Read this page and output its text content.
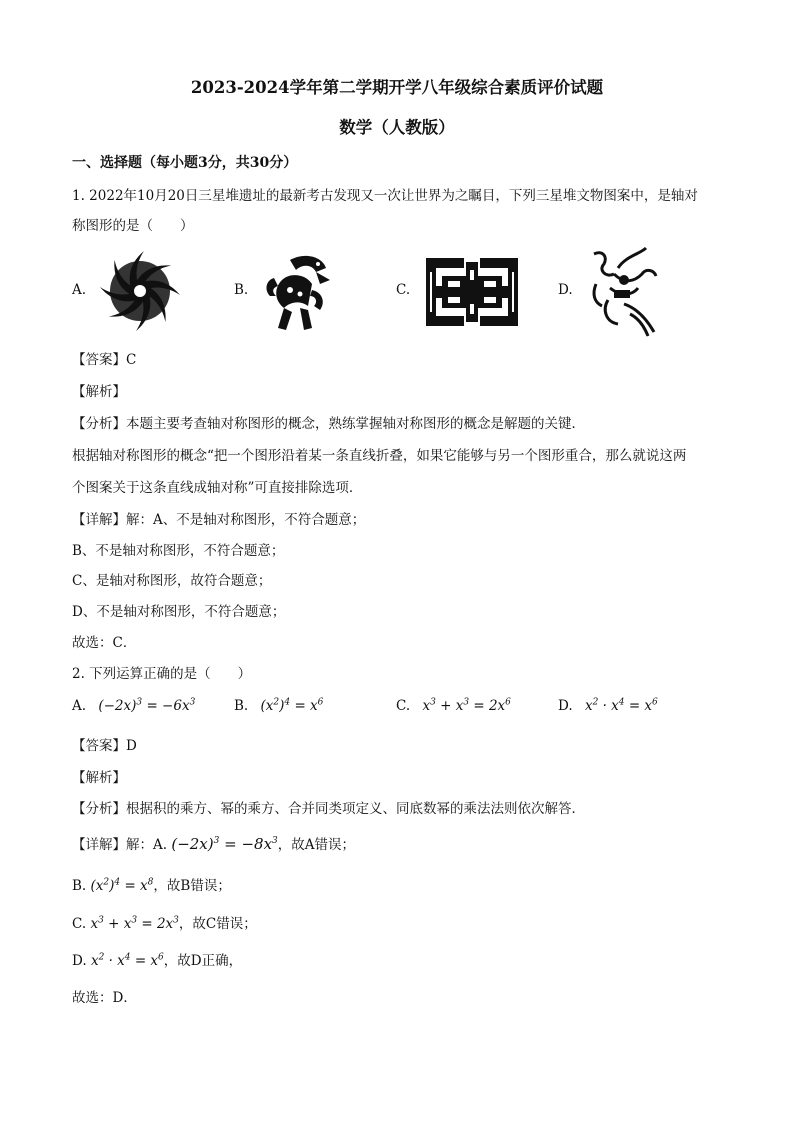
2023-2024学年第二学期开学八年级综合素质评价试题
数学（人教版）
一、选择题（每小题3分，共30分）
1. 2022年10月20日三星堆遗址的最新考古发现又一次让世界为之瞩目，下列三星堆文物图案中，是轴对
称图形的是（　　）
A.	B.	C.	D.
【答案】C
【解析】
【分析】本题主要考查轴对称图形的概念，熟练掌握轴对称图形的概念是解题的关键．
根据轴对称图形的概念“把一个图形沿着某一条直线折叠，如果它能够与另一个图形重合，那么就说这两
个图案关于这条直线成轴对称”可直接排除选项．
【详解】解：A、不是轴对称图形，不符合题意；
B、不是轴对称图形，不符合题意；
C、是轴对称图形，故符合题意；
D、不是轴对称图形，不符合题意；
故选：C．
2. 下列运算正确的是（　　）
A. $(-2x)^3 = -6x^3$	B. $(x^2)^4 = x^6$	C. $x^3 + x^3 = 2x^6$	D. $x^2 \cdot x^4 = x^6$
【答案】D
【解析】
【分析】根据积的乘方、幂的乘方、合并同类项定义、同底数幂的乘法法则依次解答．
【详解】解：A. $(-2x)^3 = -8x^3$，故A错误；
B. $(x^2)^4 = x^8$，故B错误；
C. $x^3 + x^3 = 2x^3$，故C错误；
D. $x^2 \cdot x^4 = x^6$，故D正确，
故选：D．
